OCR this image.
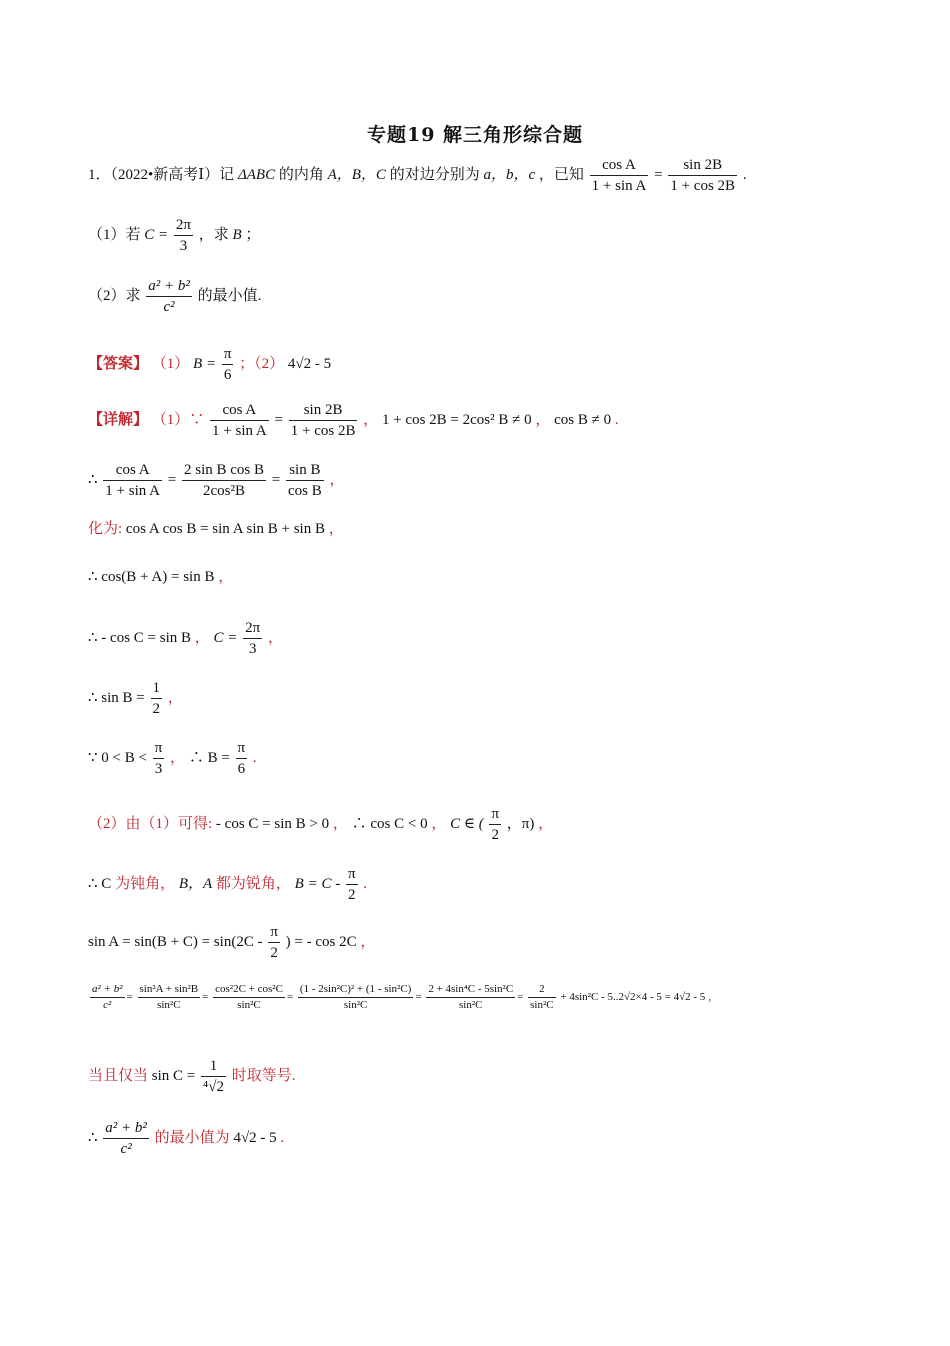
专题19 解三角形综合题
1．（2022•新高考Ⅰ）记 ΔABC 的内角 A，B，C 的对边分别为 a，b，c ，已知 $\frac{\text{cos A}}{\text{1 + sin A}} = \frac{\sin 2B}{1 + \cos 2B}$ .
（1）若 $C = \frac{2\pi}{3}$ ，求 B ；
（2）求 $\frac{\text{a² + b²}}{\text{c²}}$ 的最小值.
【答案】 （1） $B = \frac{\pi}{6}$ ；（2） 4√2 - 5
【详解】 （1）∵ $\frac{\text{cos A}}{\text{1 + sin A}} = \frac{\sin 2B}{1 + \cos 2B}$ ， 1 + cos 2B = 2cos² B ≠ 0 ， cos B ≠ 0 .
∴ $\frac{\text{cos A}}{\text{1 + sin A}} = \frac{\text{2 sin B cos B}}{\text{2cos²B}} = \frac{\text{sin B}}{\text{cos B}}$ ，
化为: cos A cos B = sin A sin B + sin B ，
∴ cos(B + A) = sin B ，
∴ - cos C = sin B ， $C = \frac{2\pi}{3}$ ，
∴ $\sin B = \frac{1}{2}$ ，
∵ $0 < B < \frac{\pi}{3}$ ， ∴ $B = \frac{\pi}{6}$ .
（2）由（1）可得: - cos C = sin B > 0 ， ∴ cos C < 0 ， C ∈ ( $\frac{\pi}{2}$ ，π) ，
∴ C 为钝角， B，A 都为锐角， $B = C - \frac{\pi}{2}$ .
$\sin A = \sin(B + C) = \sin(2C - \frac{\pi}{2}$ ) = - cos 2C ，
$\frac{\text{a² + b²}}{\text{c²}} = \frac{\text{sin²A + sin²B}}{\text{sin²C}} = \frac{\text{cos²2C + cos²C}}{\text{sin²C}} = \frac{\text{(1 - 2sin²C)² + (1 - sin²C)}}{\text{sin²C}} = \frac{\text{2 + 4sin⁴C - 5sin²C}}{\text{sin²C}} = \frac{2}{\text{sin²C}} + 4\sin^2C - 5..2√2\times 4 - 5 = 4√2 - 5$ ，
当且仅当 $\sin C = \frac{1}{\text{⁴√2}}$ 时取等号.
∴ $\frac{\text{a² + b²}}{\text{c²}}$ 的最小值为 4√2 - 5 .
